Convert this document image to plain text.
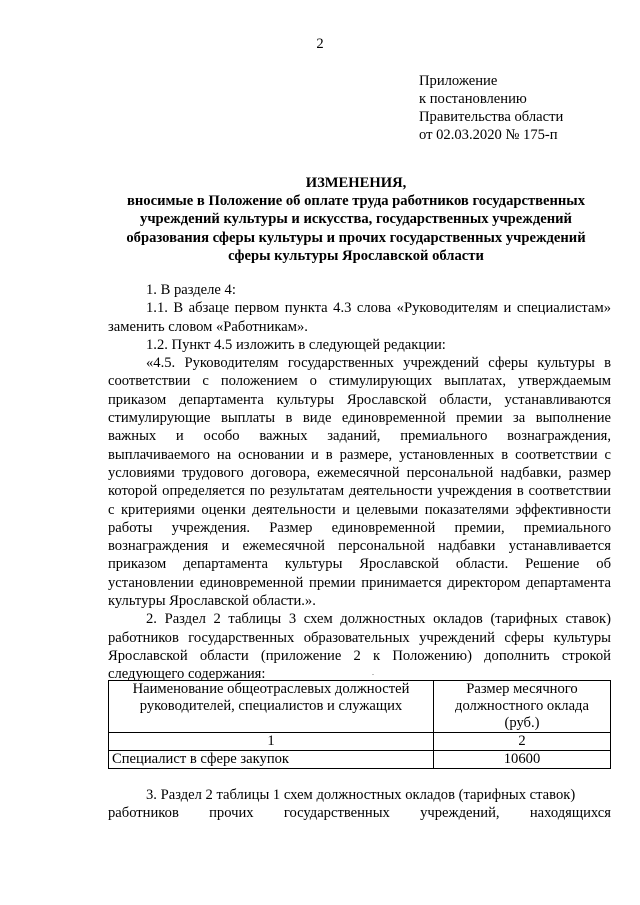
2
Приложение
к постановлению
Правительства области
от 02.03.2020 № 175-п
ИЗМЕНЕНИЯ,
вносимые в Положение об оплате труда работников государственных
учреждений культуры и искусства, государственных учреждений
образования сферы культуры и прочих государственных учреждений
сферы культуры Ярославской области
1. В разделе 4:
1.1. В абзаце первом пункта 4.3 слова «Руководителям и специалистам» заменить словом «Работникам».
1.2. Пункт 4.5 изложить в следующей редакции:
«4.5. Руководителям государственных учреждений сферы культуры в соответствии с положением о стимулирующих выплатах, утверждаемым приказом департамента культуры Ярославской области, устанавливаются стимулирующие выплаты в виде единовременной премии за выполнение важных и особо важных заданий, премиального вознаграждения, выплачиваемого на основании и в размере, установленных в соответствии с условиями трудового договора, ежемесячной персональной надбавки, размер которой определяется по результатам деятельности учреждения в соответствии с критериями оценки деятельности и целевыми показателями эффективности работы учреждения. Размер единовременной премии, премиального вознаграждения и ежемесячной персональной надбавки устанавливается приказом департамента культуры Ярославской области. Решение об установлении единовременной премии принимается директором департамента культуры Ярославской области.».
2. Раздел 2 таблицы 3 схем должностных окладов (тарифных ставок) работников государственных образовательных учреждений сферы культуры Ярославской области (приложение 2 к Положению) дополнить строкой следующего содержания:	.
Наименование общеотраслевых должностей руководителей, специалистов и служащих	Размер месячного должностного оклада (руб.)
1	2
Специалист в сфере закупок	10600
3. Раздел 2 таблицы 1 схем должностных окладов (тарифных ставок)
работников прочих государственных учреждений, находящихся
